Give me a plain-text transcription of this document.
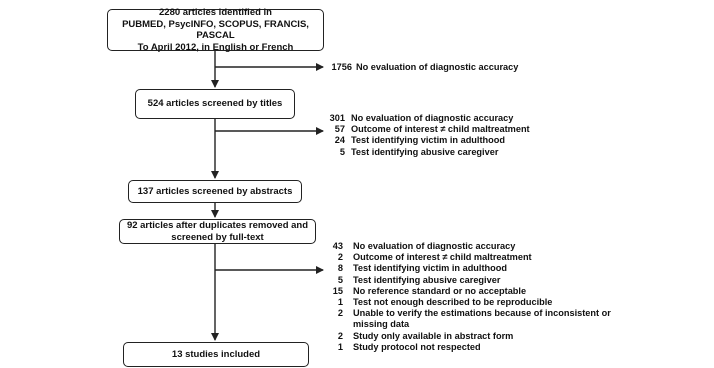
2280 articles identified in
PUBMED, PsycINFO, SCOPUS, FRANCIS, PASCAL
To April 2012, in English or French
524 articles screened by titles
137 articles screened by abstracts
92 articles after duplicates removed and
screened by full-text
13 studies included
1756 No evaluation of diagnostic accuracy
301 No evaluation of diagnostic accuracy
57 Outcome of interest ≠ child maltreatment
24 Test identifying victim in adulthood
5 Test identifying abusive caregiver
43 No evaluation of diagnostic accuracy
2 Outcome of interest ≠ child maltreatment
8 Test identifying victim in adulthood
5 Test identifying abusive caregiver
15 No reference standard or no acceptable
1 Test not enough described to be reproducible
2 Unable to verify the estimations because of inconsistent or
missing data
2 Study only available in abstract form
1 Study protocol not respected
